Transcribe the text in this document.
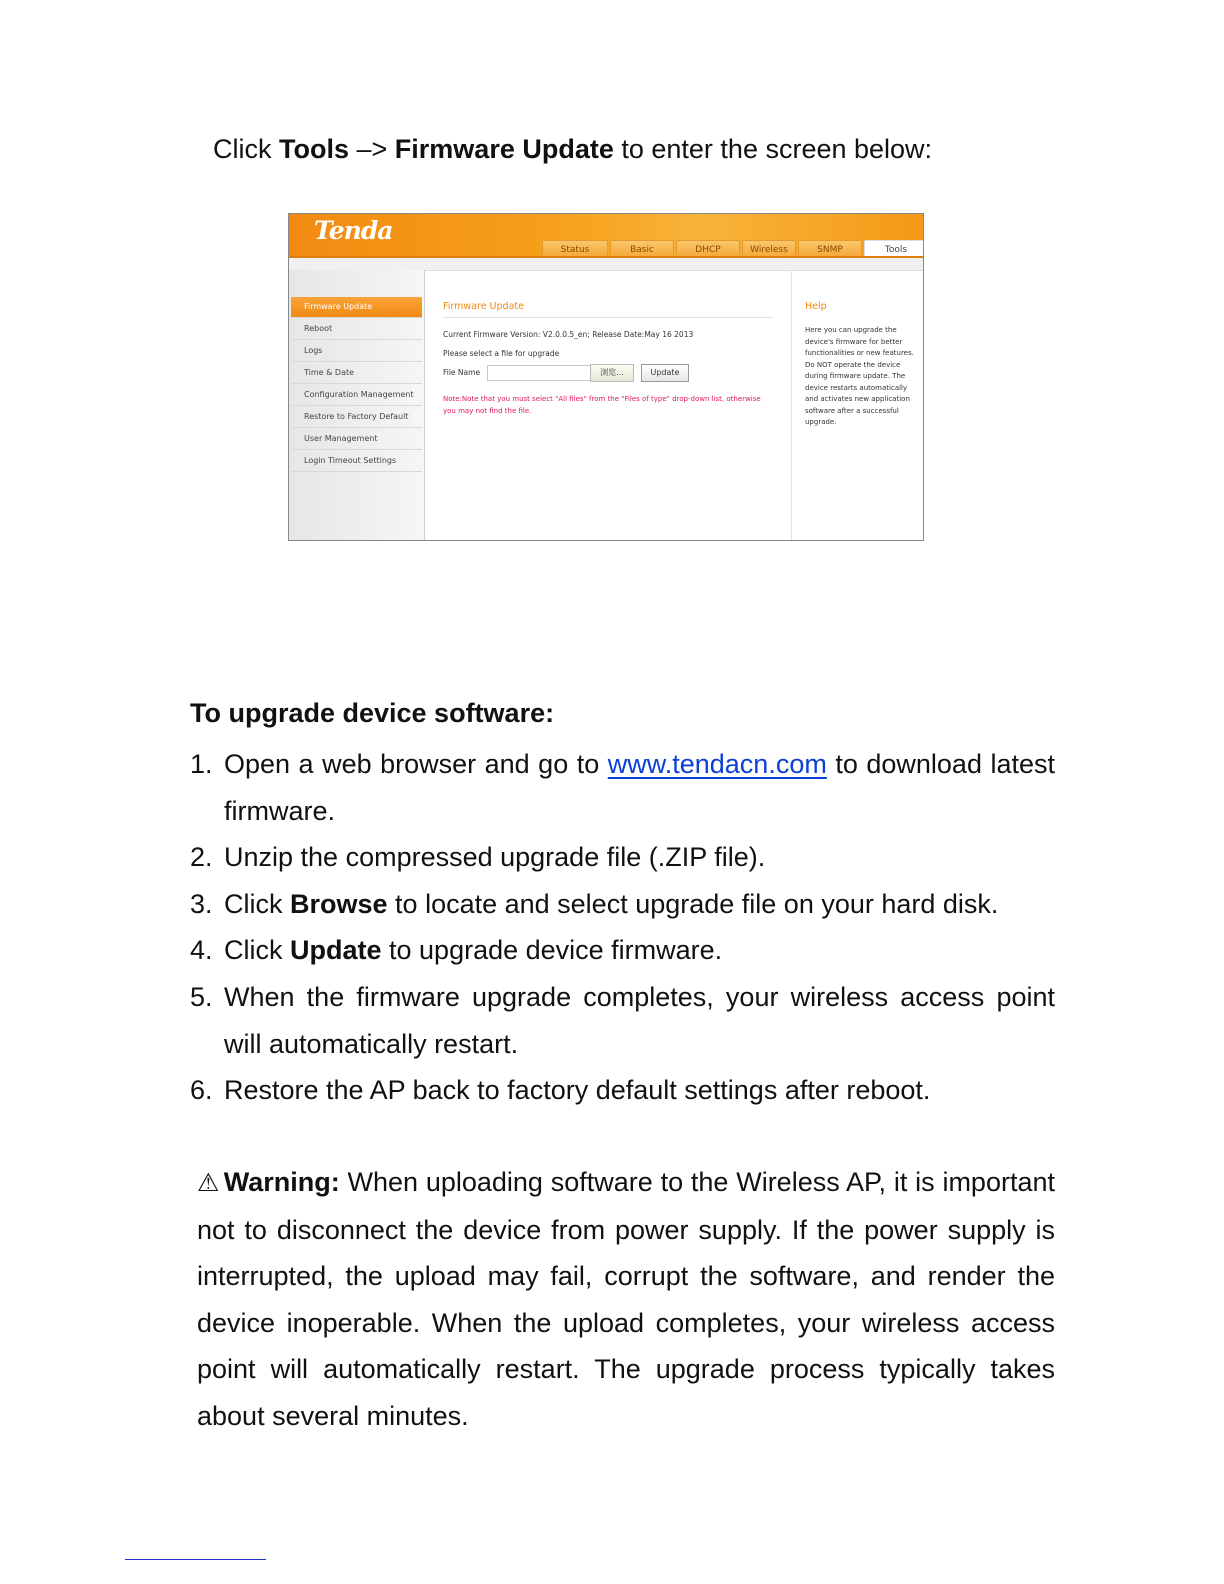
Click Tools –> Firmware Update to enter the screen below:
Tenda
Status	Basic	DHCP	Wireless	SNMP	Tools
Firmware Update
Reboot
Logs
Time & Date
Configuration Management
Restore to Factory Default
User Management
Login Timeout Settings
Firmware Update
Current Firmware Version: V2.0.0.5_en; Release Date:May 16 2013
Please select a file for upgrade
File Name	浏览...	Update
Note:Note that you must select "All files" from the "Files of type" drop-down list, otherwise you may not find the file.
Help
Here you can upgrade the device's firmware for better functionalities or new features. Do NOT operate the device during firmware update. The device restarts automatically and activates new application software after a successful upgrade.
To upgrade device software:
1. Open a web browser and go to www.tendacn.com to download latest firmware.
2. Unzip the compressed upgrade file (.ZIP file).
3. Click Browse to locate and select upgrade file on your hard disk.
4. Click Update to upgrade device firmware.
5. When the firmware upgrade completes, your wireless access point will automatically restart.
6. Restore the AP back to factory default settings after reboot.
⚠ Warning: When uploading software to the Wireless AP, it is important not to disconnect the device from power supply. If the power supply is interrupted, the upload may fail, corrupt the software, and render the device inoperable. When the upload completes, your wireless access point will automatically restart. The upgrade process typically takes about several minutes.
